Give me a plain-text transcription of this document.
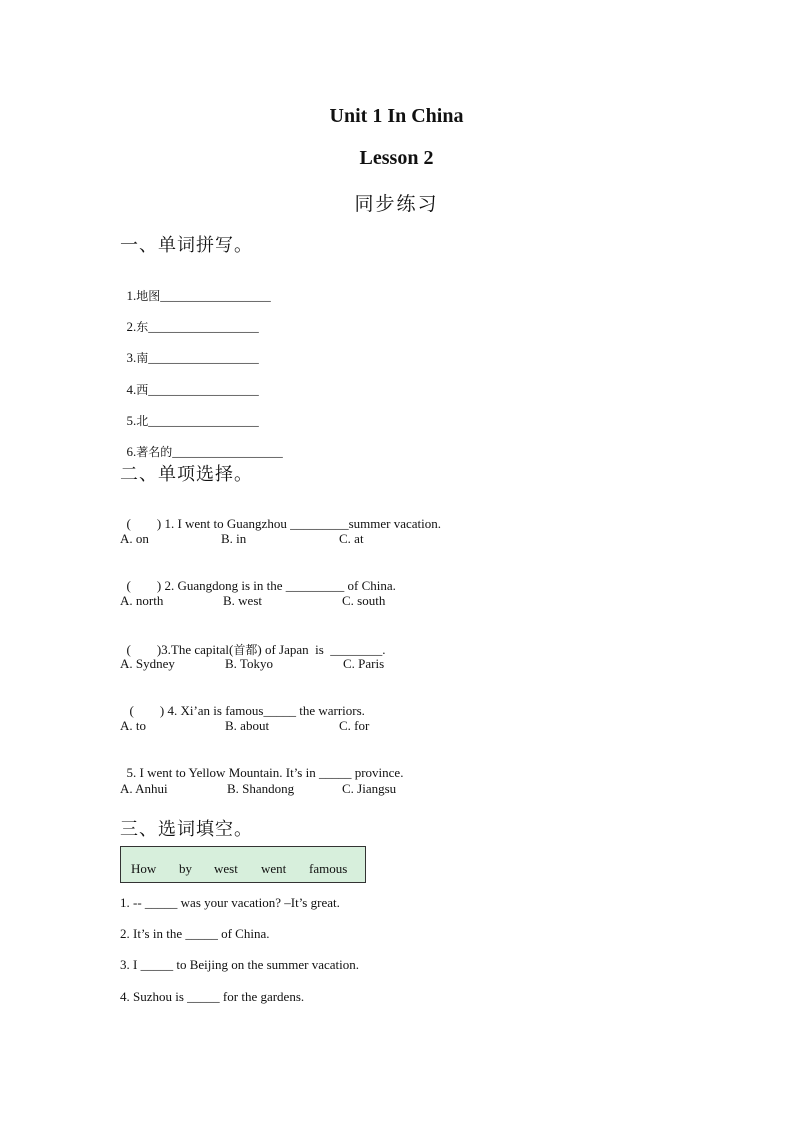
Unit 1 In China
Lesson 2
同步练习
一、单词拼写。

1.地图_________________

2.东_________________

3.南_________________

4.西_________________

5.北_________________

6.著名的_________________

二、单项选择。

( ) 1. I went to Guangzhou _________summer vacation.

A. on	B. in	C. at

( ) 2. Guangdong is in the _________ of China.

A. north	B. west	C. south

( )3.The capital(首都) of Japan  is  ________.

A. Sydney	B. Tokyo	C. Paris

( ) 4. Xi’an is famous_____ the warriors.

A. to	B. about	C. for

5. I went to Yellow Mountain. It’s in _____ province.

A. Anhui	B. Shandong	C. Jiangsu
三、选词填空。
How by west went famous
1. -- _____ was your vacation? –It’s great.
2. It’s in the _____ of China.
3. I _____ to Beijing on the summer vacation.
4. Suzhou is _____ for the gardens.
